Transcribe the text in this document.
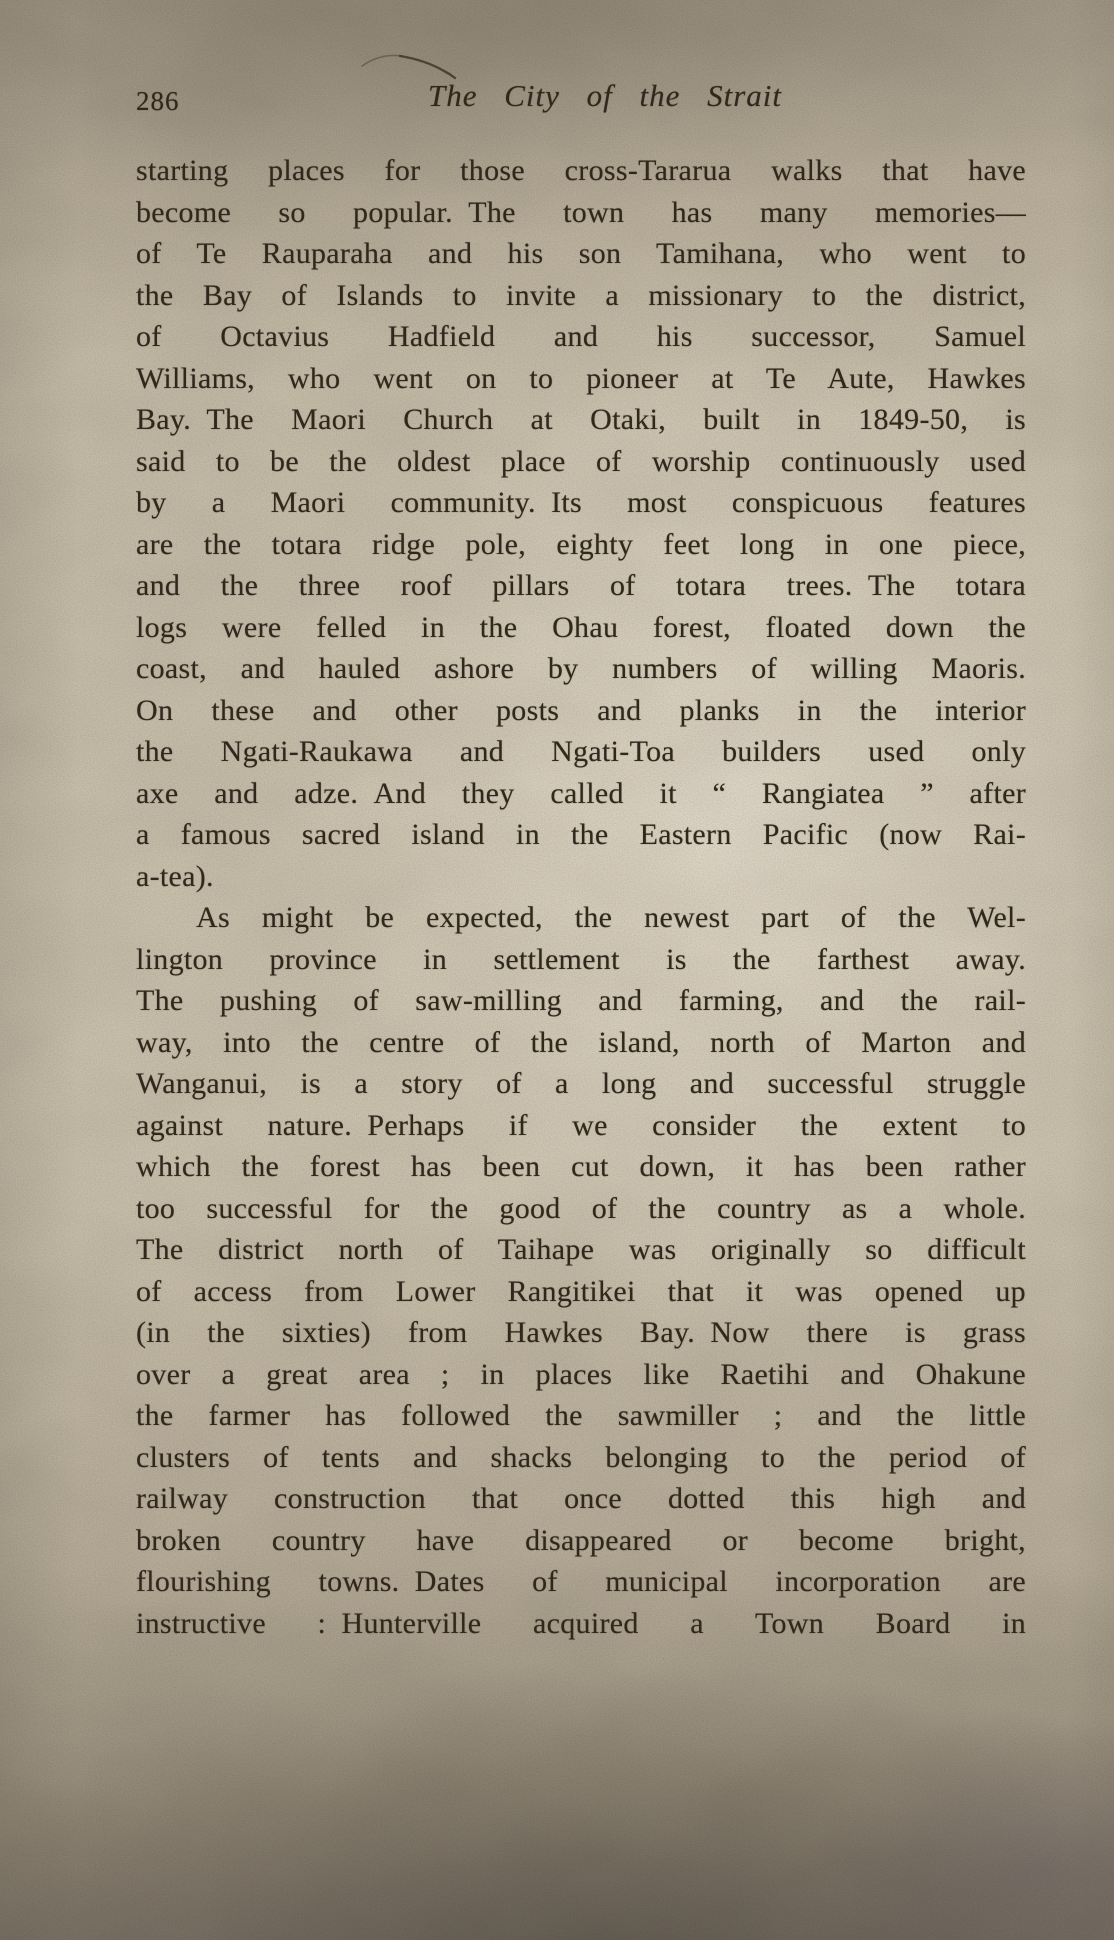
286	The City of the Strait

starting places for those cross-Tararua walks that have

become so popular. The town has many memories—

of Te Rauparaha and his son Tamihana, who went to

the Bay of Islands to invite a missionary to the district,

of Octavius Hadfield and his successor, Samuel

Williams, who went on to pioneer at Te Aute, Hawkes

Bay. The Maori Church at Otaki, built in 1849-50, is

said to be the oldest place of worship continuously used

by a Maori community. Its most conspicuous features

are the totara ridge pole, eighty feet long in one piece,

and the three roof pillars of totara trees. The totara

logs were felled in the Ohau forest, floated down the

coast, and hauled ashore by numbers of willing Maoris.

On these and other posts and planks in the interior

the Ngati-Raukawa and Ngati-Toa builders used only

axe and adze. And they called it “ Rangiatea ” after

a famous sacred island in the Eastern Pacific (now Rai-

a-tea).

As might be expected, the newest part of the Wel-

lington province in settlement is the farthest away.

The pushing of saw-milling and farming, and the rail-

way, into the centre of the island, north of Marton and

Wanganui, is a story of a long and successful struggle

against nature. Perhaps if we consider the extent to

which the forest has been cut down, it has been rather

too successful for the good of the country as a whole.

The district north of Taihape was originally so difficult

of access from Lower Rangitikei that it was opened up

(in the sixties) from Hawkes Bay. Now there is grass

over a great area ; in places like Raetihi and Ohakune

the farmer has followed the sawmiller ; and the little

clusters of tents and shacks belonging to the period of

railway construction that once dotted this high and

broken country have disappeared or become bright,

flourishing towns. Dates of municipal incorporation are

instructive : Hunterville acquired a Town Board in
